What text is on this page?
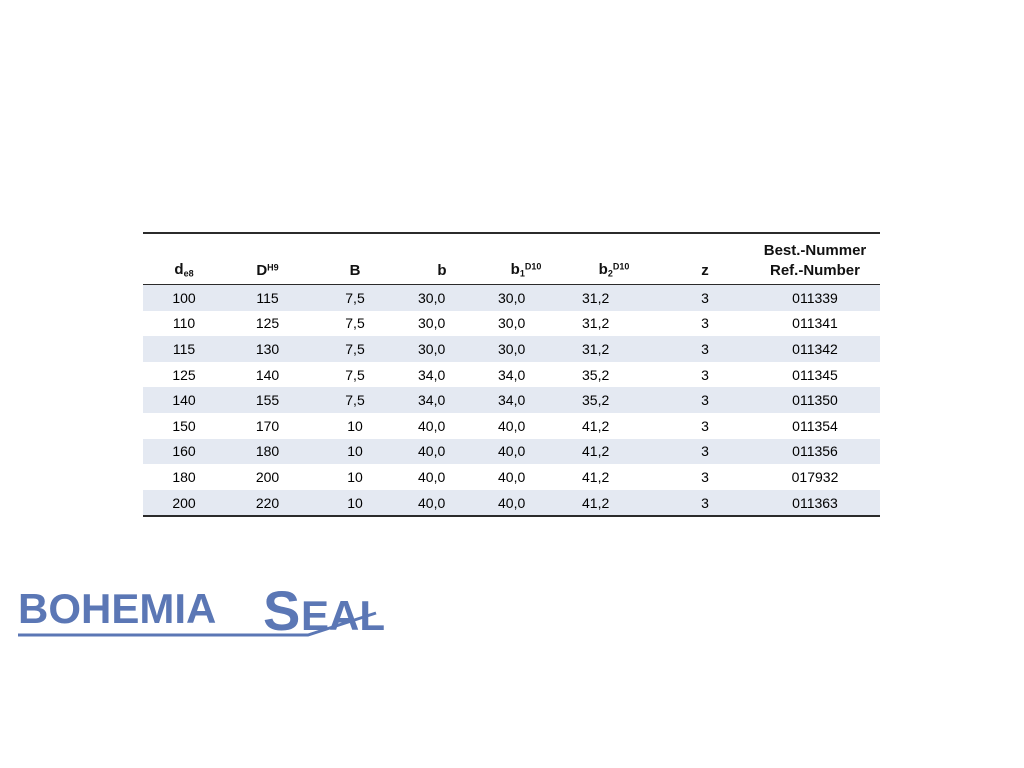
$d_{e8}$	$D^{H9}$	B	b	$b_1^{D10}$	$b_2^{D10}$	z
Best.-Nummer
Ref.-Number
100	115	7,5	30,0	30,0	31,2	3	011339
110	125	7,5	30,0	30,0	31,2	3	011341
115	130	7,5	30,0	30,0	31,2	3	011342
125	140	7,5	34,0	34,0	35,2	3	011345
140	155	7,5	34,0	34,0	35,2	3	011350
150	170	10	40,0	40,0	41,2	3	011354
160	180	10	40,0	40,0	41,2	3	011356
180	200	10	40,0	40,0	41,2	3	017932
200	220	10	40,0	40,0	41,2	3	011363
BOHEMIA S EAL
